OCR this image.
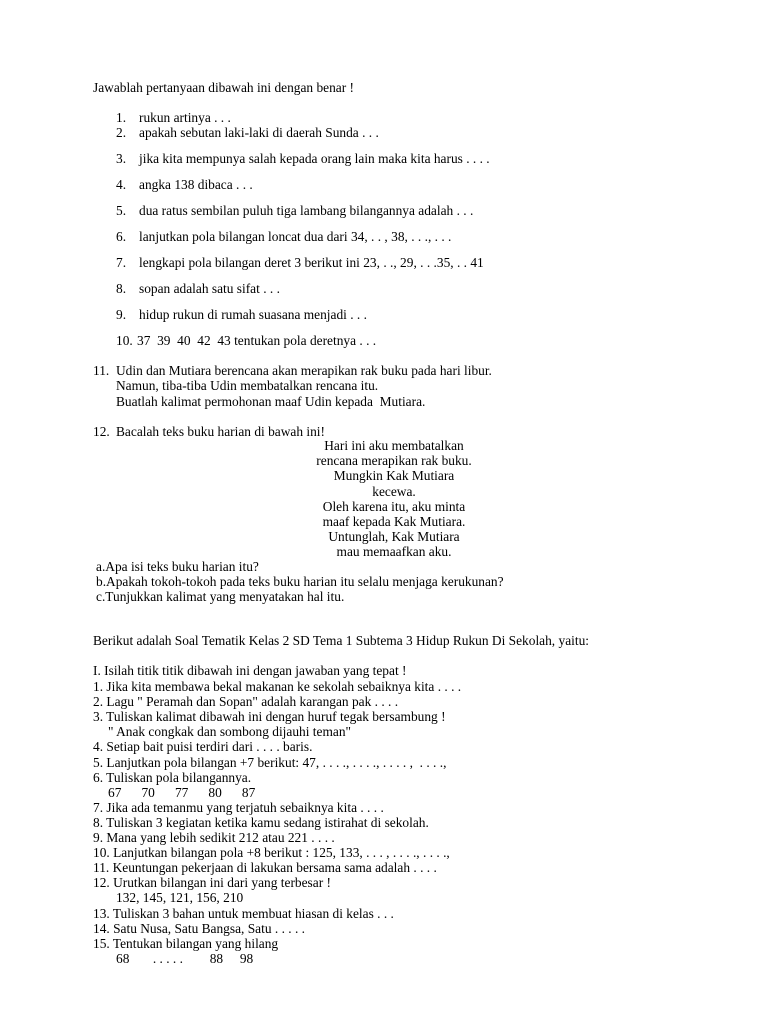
Jawablah pertanyaan dibawah ini dengan benar !
1. rukun artinya . . .
2. apakah sebutan laki-laki di daerah Sunda . . .
3. jika kita mempunya salah kepada orang lain maka kita harus . . . .
4. angka 138 dibaca . . .
5. dua ratus sembilan puluh tiga lambang bilangannya adalah . . .
6. lanjutkan pola bilangan loncat dua dari 34, . . , 38, . . ., . . .
7. lengkapi pola bilangan deret 3 berikut ini 23, . ., 29, . . .35, . . 41
8. sopan adalah satu sifat . . .
9. hidup rukun di rumah suasana menjadi . . .
10. 37  39  40  42  43 tentukan pola deretnya . . .
11. Udin dan Mutiara berencana akan merapikan rak buku pada hari libur.
Namun, tiba-tiba Udin membatalkan rencana itu.
Buatlah kalimat permohonan maaf Udin kepada  Mutiara.
12. Bacalah teks buku harian di bawah ini!
Hari ini aku membatalkan
rencana merapikan rak buku.
Mungkin Kak Mutiara
kecewa.
Oleh karena itu, aku minta
maaf kepada Kak Mutiara.
Untunglah, Kak Mutiara
mau memaafkan aku.
a.Apa isi teks buku harian itu?
b.Apakah tokoh-tokoh pada teks buku harian itu selalu menjaga kerukunan?
c.Tunjukkan kalimat yang menyatakan hal itu.
Berikut adalah Soal Tematik Kelas 2 SD Tema 1 Subtema 3 Hidup Rukun Di Sekolah, yaitu:
I. Isilah titik titik dibawah ini dengan jawaban yang tepat !
1. Jika kita membawa bekal makanan ke sekolah sebaiknya kita . . . .
2. Lagu " Peramah dan Sopan" adalah karangan pak . . . .
3. Tuliskan kalimat dibawah ini dengan huruf tegak bersambung !
" Anak congkak dan sombong dijauhi teman"
4. Setiap bait puisi terdiri dari . . . . baris.
5. Lanjutkan pola bilangan +7 berikut: 47, . . . ., . . . ., . . . . ,  . . . .,
6. Tuliskan pola bilangannya.
67      70      77      80      87
7. Jika ada temanmu yang terjatuh sebaiknya kita . . . .
8. Tuliskan 3 kegiatan ketika kamu sedang istirahat di sekolah.
9. Mana yang lebih sedikit 212 atau 221 . . . .
10. Lanjutkan bilangan pola +8 berikut : 125, 133, . . . , . . . ., . . . .,
11. Keuntungan pekerjaan di lakukan bersama sama adalah . . . .
12. Urutkan bilangan ini dari yang terbesar !
132, 145, 121, 156, 210
13. Tuliskan 3 bahan untuk membuat hiasan di kelas . . .
14. Satu Nusa, Satu Bangsa, Satu . . . . .
15. Tentukan bilangan yang hilang
68       . . . . .        88     98
